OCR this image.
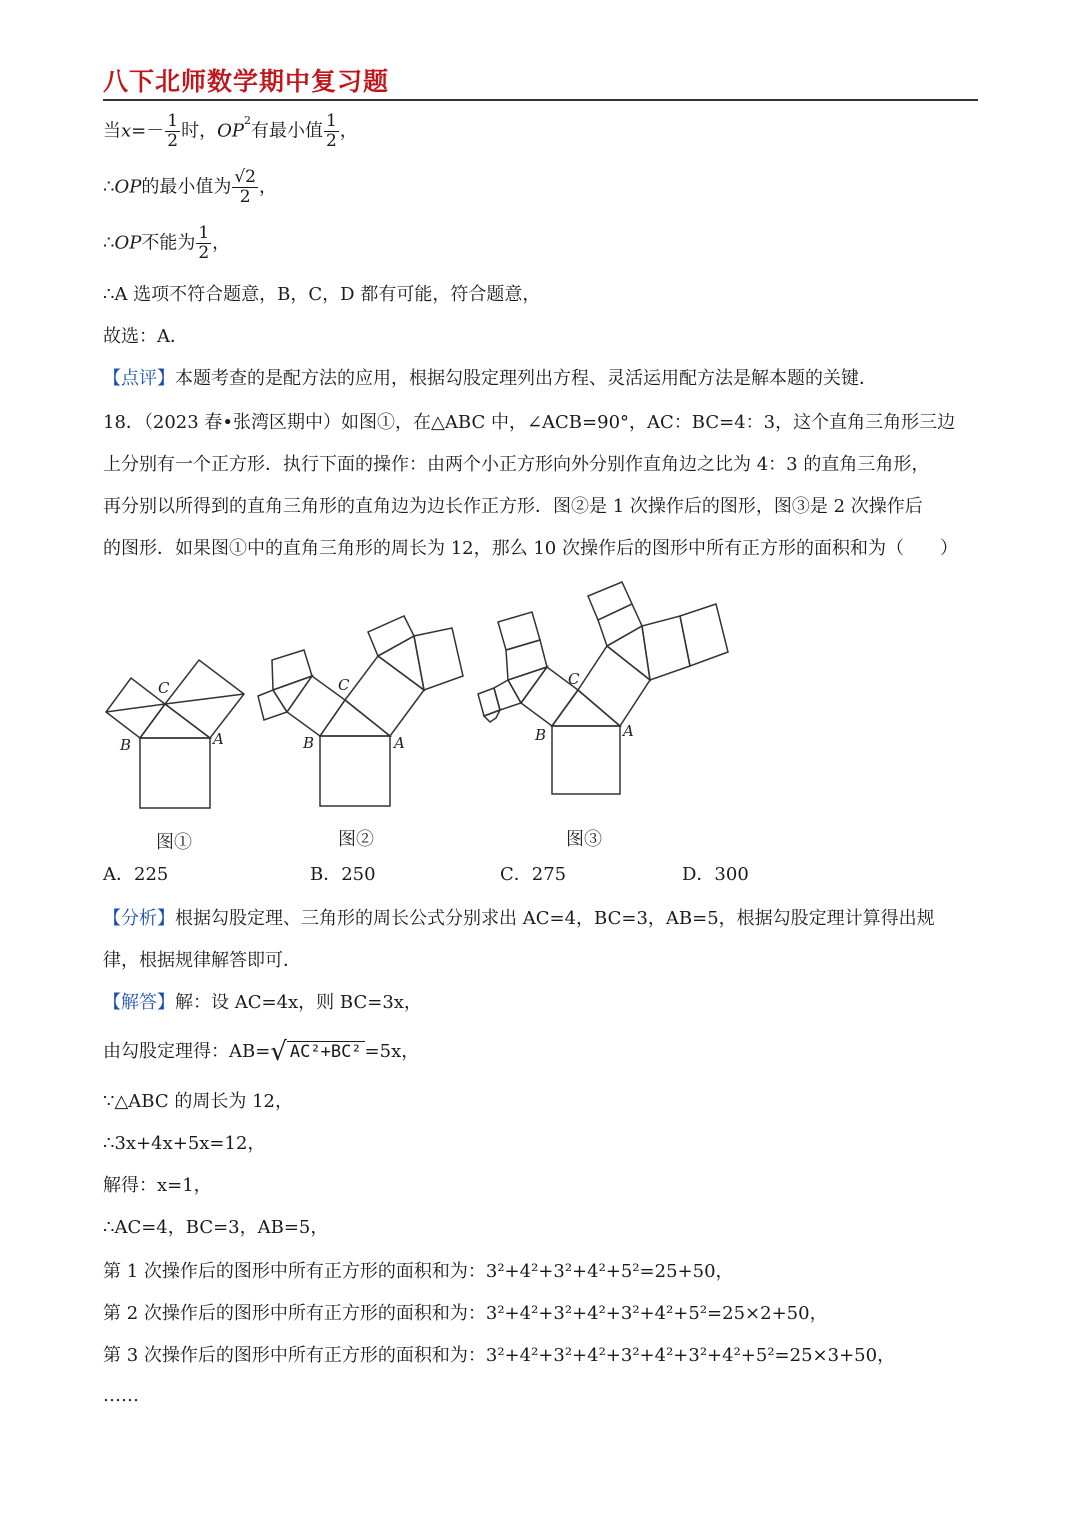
八下北师数学期中复习题
当$x=- \frac{1}{2}$ 时，$OP^2$有最小值 $\frac{1}{2}$ ，
∴OP的最小值为 $\frac{√2}{2}$ ，
∴OP不能为 $\frac{1}{2}$ ，
∴A 选项不符合题意，B，C，D 都有可能，符合题意，
故选：A．
【点评】本题考查的是配方法的应用，根据勾股定理列出方程、灵活运用配方法是解本题的关键．
18．（2023 春•张湾区期中）如图①，在△ABC 中，∠ACB=90°，AC：BC=4：3，这个直角三角形三边
上分别有一个正方形．执行下面的操作：由两个小正方形向外分别作直角边之比为 4：3 的直角三角形，
再分别以所得到的直角三角形的直角边为边长作正方形．图②是 1 次操作后的图形，图③是 2 次操作后
的图形．如果图①中的直角三角形的周长为 12，那么 10 次操作后的图形中所有正方形的面积和为（　　）
B	A
C
B	A
C
B	A
C
图①	图②	图③
A．225	B．250	C．275	D．300
【分析】根据勾股定理、三角形的周长公式分别求出 AC=4，BC=3，AB=5，根据勾股定理计算得出规
律，根据规律解答即可．
【解答】解：设 AC=4x，则 BC=3x，
由勾股定理得：AB=√ AC²+BC² =5x，
∵△ABC 的周长为 12，
∴3x+4x+5x=12，
解得：x=1，
∴AC=4，BC=3，AB=5，
第 1 次操作后的图形中所有正方形的面积和为：3²+4²+3²+4²+5²=25+50，
第 2 次操作后的图形中所有正方形的面积和为：3²+4²+3²+4²+3²+4²+5²=25×2+50，
第 3 次操作后的图形中所有正方形的面积和为：3²+4²+3²+4²+3²+4²+3²+4²+5²=25×3+50，
……
